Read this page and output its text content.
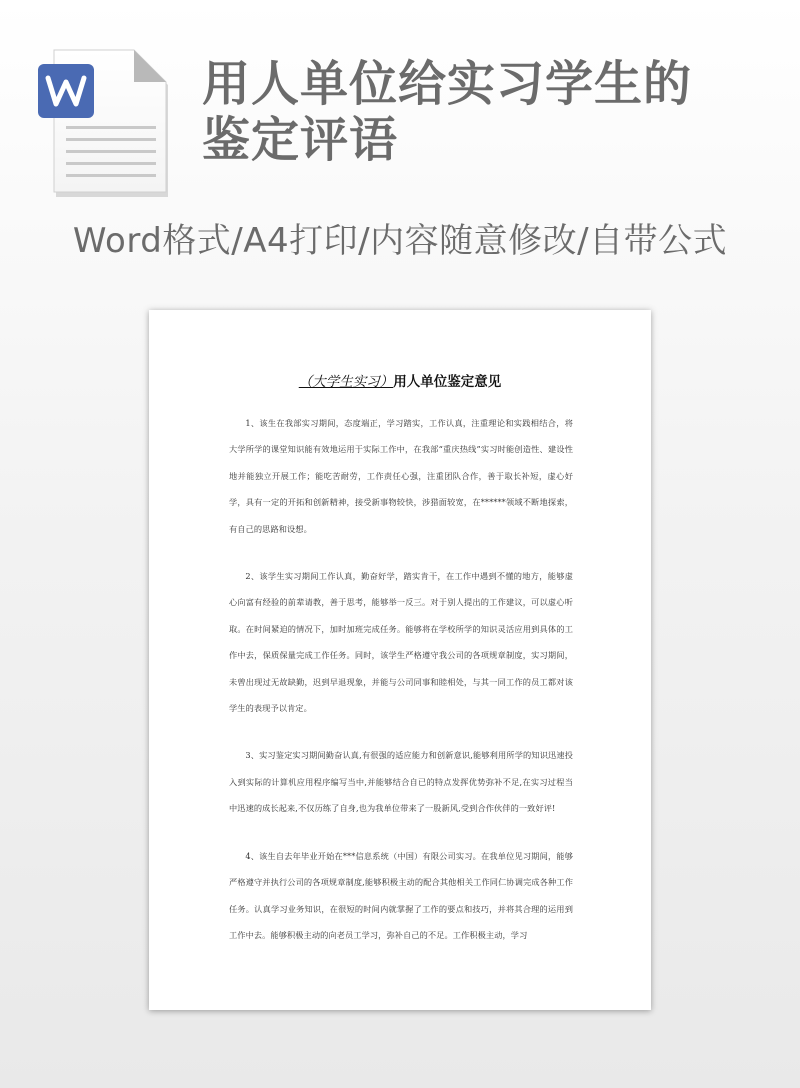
用人单位给实习学生的
鉴定评语
Word格式/A4打印/内容随意修改/自带公式
（大学生实习）用人单位鉴定意见

1、该生在我部实习期间，态度端正，学习踏实，工作认真，注重理论和实践相结合，将大学所学的课堂知识能有效地运用于实际工作中，在我部“重庆热线”实习时能创造性、建设性地并能独立开展工作；能吃苦耐劳，工作责任心强，注重团队合作，善于取长补短，虚心好学，具有一定的开拓和创新精神，接受新事物较快，涉猎面较宽，在******领域不断地探索，有自己的思路和设想。

2、该学生实习期间工作认真，勤奋好学，踏实肯干，在工作中遇到不懂的地方，能够虚心向富有经验的前辈请教，善于思考，能够举一反三。对于别人提出的工作建议，可以虚心听取。在时间紧迫的情况下，加时加班完成任务。能够将在学校所学的知识灵活应用到具体的工作中去，保质保量完成工作任务。同时，该学生严格遵守我公司的各项规章制度，实习期间，未曾出现过无故缺勤，迟到早退现象，并能与公司同事和睦相处，与其一同工作的员工都对该学生的表现予以肯定。

3、实习鉴定实习期间勤奋认真,有很强的适应能力和创新意识,能够利用所学的知识迅速投入到实际的计算机应用程序编写当中,并能够结合自已的特点发挥优势弥补不足,在实习过程当中迅速的成长起来,不仅历练了自身,也为我单位带来了一股新风,受到合作伙伴的一致好评!

4、该生自去年毕业开始在***信息系统（中国）有限公司实习。在我单位见习期间，能够严格遵守并执行公司的各项规章制度,能够积极主动的配合其他相关工作同仁协调完成各种工作任务。认真学习业务知识，在很短的时间内就掌握了工作的要点和技巧，并将其合理的运用到工作中去。能够积极主动的向老员工学习，弥补自己的不足。工作积极主动，学习
